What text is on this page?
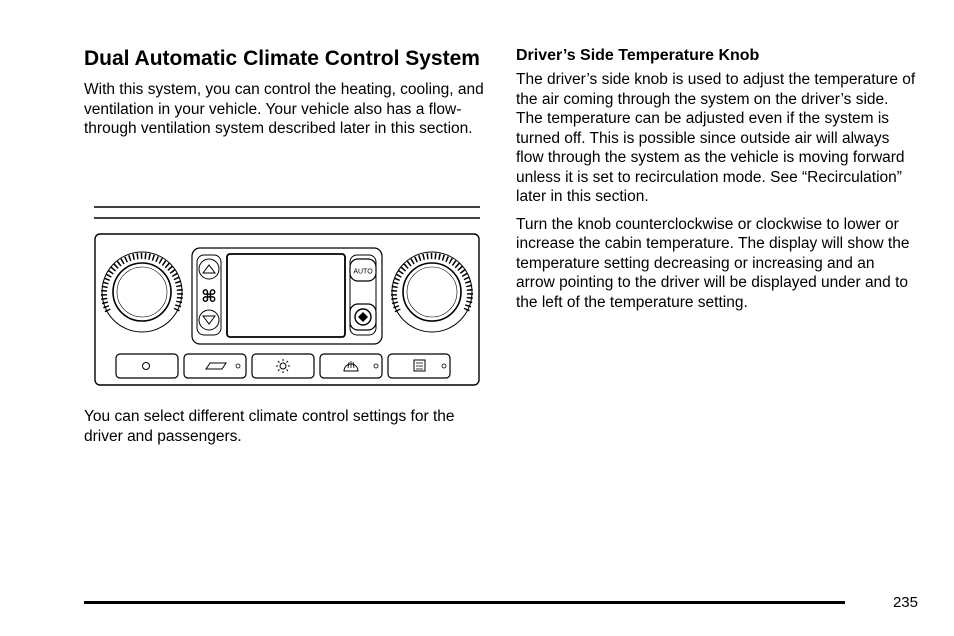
Dual Automatic Climate Control System

With this system, you can control the heating, cooling, and ventilation in your vehicle. Your vehicle also has a flow-through ventilation system described later in this section.

⌘
AUTO

You can select different climate control settings for the driver and passengers.

Driver’s Side Temperature Knob

The driver’s side knob is used to adjust the temperature of the air coming through the system on the driver’s side. The temperature can be adjusted even if the system is turned off. This is possible since outside air will always flow through the system as the vehicle is moving forward unless it is set to recirculation mode. See “Recirculation” later in this section.

Turn the knob counterclockwise or clockwise to lower or increase the cabin temperature. The display will show the temperature setting decreasing or increasing and an arrow pointing to the driver will be displayed under and to the left of the temperature setting.

235
